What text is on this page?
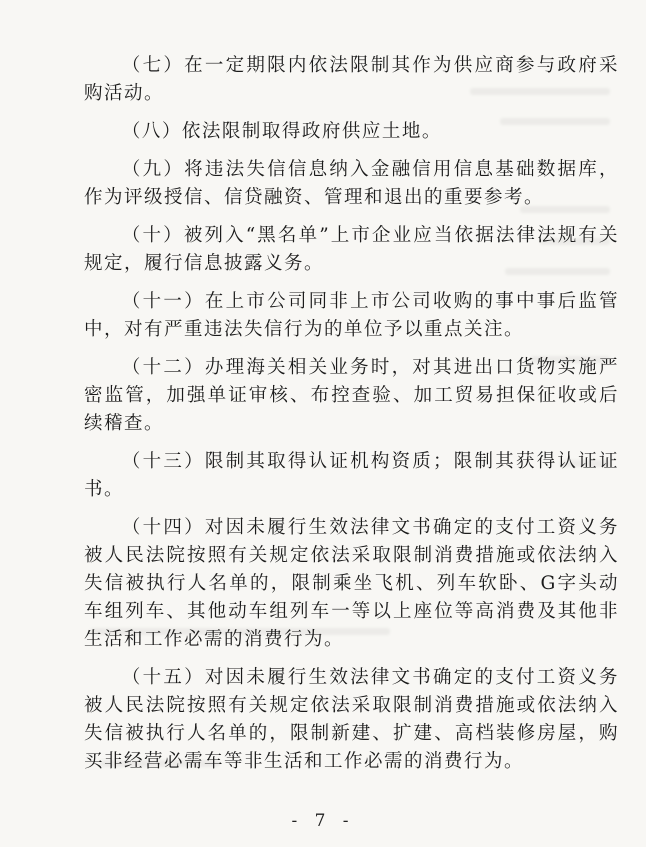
（七）在一定期限内依法限制其作为供应商参与政府采购活动。

（八）依法限制取得政府供应土地。

（九）将违法失信信息纳入金融信用信息基础数据库，作为评级授信、信贷融资、管理和退出的重要参考。

（十）被列入“黑名单”上市企业应当依据法律法规有关规定，履行信息披露义务。

（十一）在上市公司同非上市公司收购的事中事后监管中，对有严重违法失信行为的单位予以重点关注。

（十二）办理海关相关业务时，对其进出口货物实施严密监管，加强单证审核、布控查验、加工贸易担保征收或后续稽查。

（十三）限制其取得认证机构资质；限制其获得认证证书。

（十四）对因未履行生效法律文书确定的支付工资义务被人民法院按照有关规定依法采取限制消费措施或依法纳入失信被执行人名单的，限制乘坐飞机、列车软卧、G字头动车组列车、其他动车组列车一等以上座位等高消费及其他非生活和工作必需的消费行为。

（十五）对因未履行生效法律文书确定的支付工资义务被人民法院按照有关规定依法采取限制消费措施或依法纳入失信被执行人名单的，限制新建、扩建、高档装修房屋，购买非经营必需车等非生活和工作必需的消费行为。

- 7 -
